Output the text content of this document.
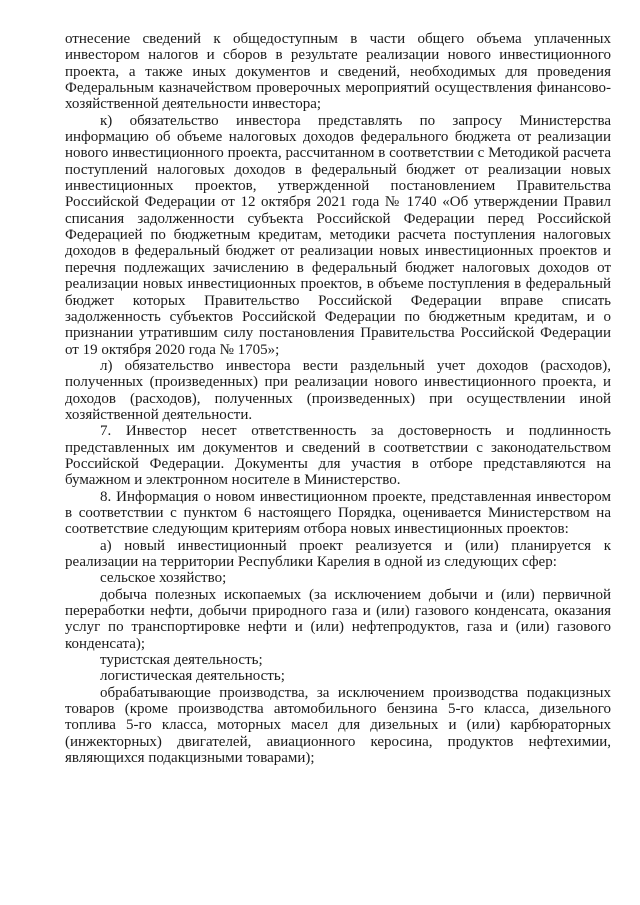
отнесение сведений к общедоступным в части общего объема уплаченных инвестором налогов и сборов в результате реализации нового инвестиционного проекта, а также иных документов и сведений, необходимых для проведения Федеральным казначейством проверочных мероприятий осуществления финансово-хозяйственной деятельности инвестора;

к) обязательство инвестора представлять по запросу Министерства информацию об объеме налоговых доходов федерального бюджета от реализации нового инвестиционного проекта, рассчитанном в соответствии с Методикой расчета поступлений налоговых доходов в федеральный бюджет от реализации новых инвестиционных проектов, утвержденной постановлением Правительства Российской Федерации от 12 октября 2021 года № 1740 «Об утверждении Правил списания задолженности субъекта Российской Федерации перед Российской Федерацией по бюджетным кредитам, методики расчета поступления налоговых доходов в федеральный бюджет от реализации новых инвестиционных проектов и перечня подлежащих зачислению в федеральный бюджет налоговых доходов от реализации новых инвестиционных проектов, в объеме поступления в федеральный бюджет которых Правительство Российской Федерации вправе списать задолженность субъектов Российской Федерации по бюджетным кредитам, и о признании утратившим силу постановления Правительства Российской Федерации от 19 октября 2020 года № 1705»;

л) обязательство инвестора вести раздельный учет доходов (расходов), полученных (произведенных) при реализации нового инвестиционного проекта, и доходов (расходов), полученных (произведенных) при осуществлении иной хозяйственной деятельности.

7. Инвестор несет ответственность за достоверность и подлинность представленных им документов и сведений в соответствии с законодательством Российской Федерации. Документы для участия в отборе представляются на бумажном и электронном носителе в Министерство.

8. Информация о новом инвестиционном проекте, представленная инвестором в соответствии с пунктом 6 настоящего Порядка, оценивается Министерством на соответствие следующим критериям отбора новых инвестиционных проектов:

а) новый инвестиционный проект реализуется и (или) планируется к реализации на территории Республики Карелия в одной из следующих сфер:

сельское хозяйство;

добыча полезных ископаемых (за исключением добычи и (или) первичной переработки нефти, добычи природного газа и (или) газового конденсата, оказания услуг по транспортировке нефти и (или) нефтепродуктов, газа и (или) газового конденсата);

туристская деятельность;

логистическая деятельность;

обрабатывающие производства, за исключением производства подакцизных товаров (кроме производства автомобильного бензина 5-го класса, дизельного топлива 5-го класса, моторных масел для дизельных и (или) карбюраторных (инжекторных) двигателей, авиационного керосина, продуктов нефтехимии, являющихся подакцизными товарами);
